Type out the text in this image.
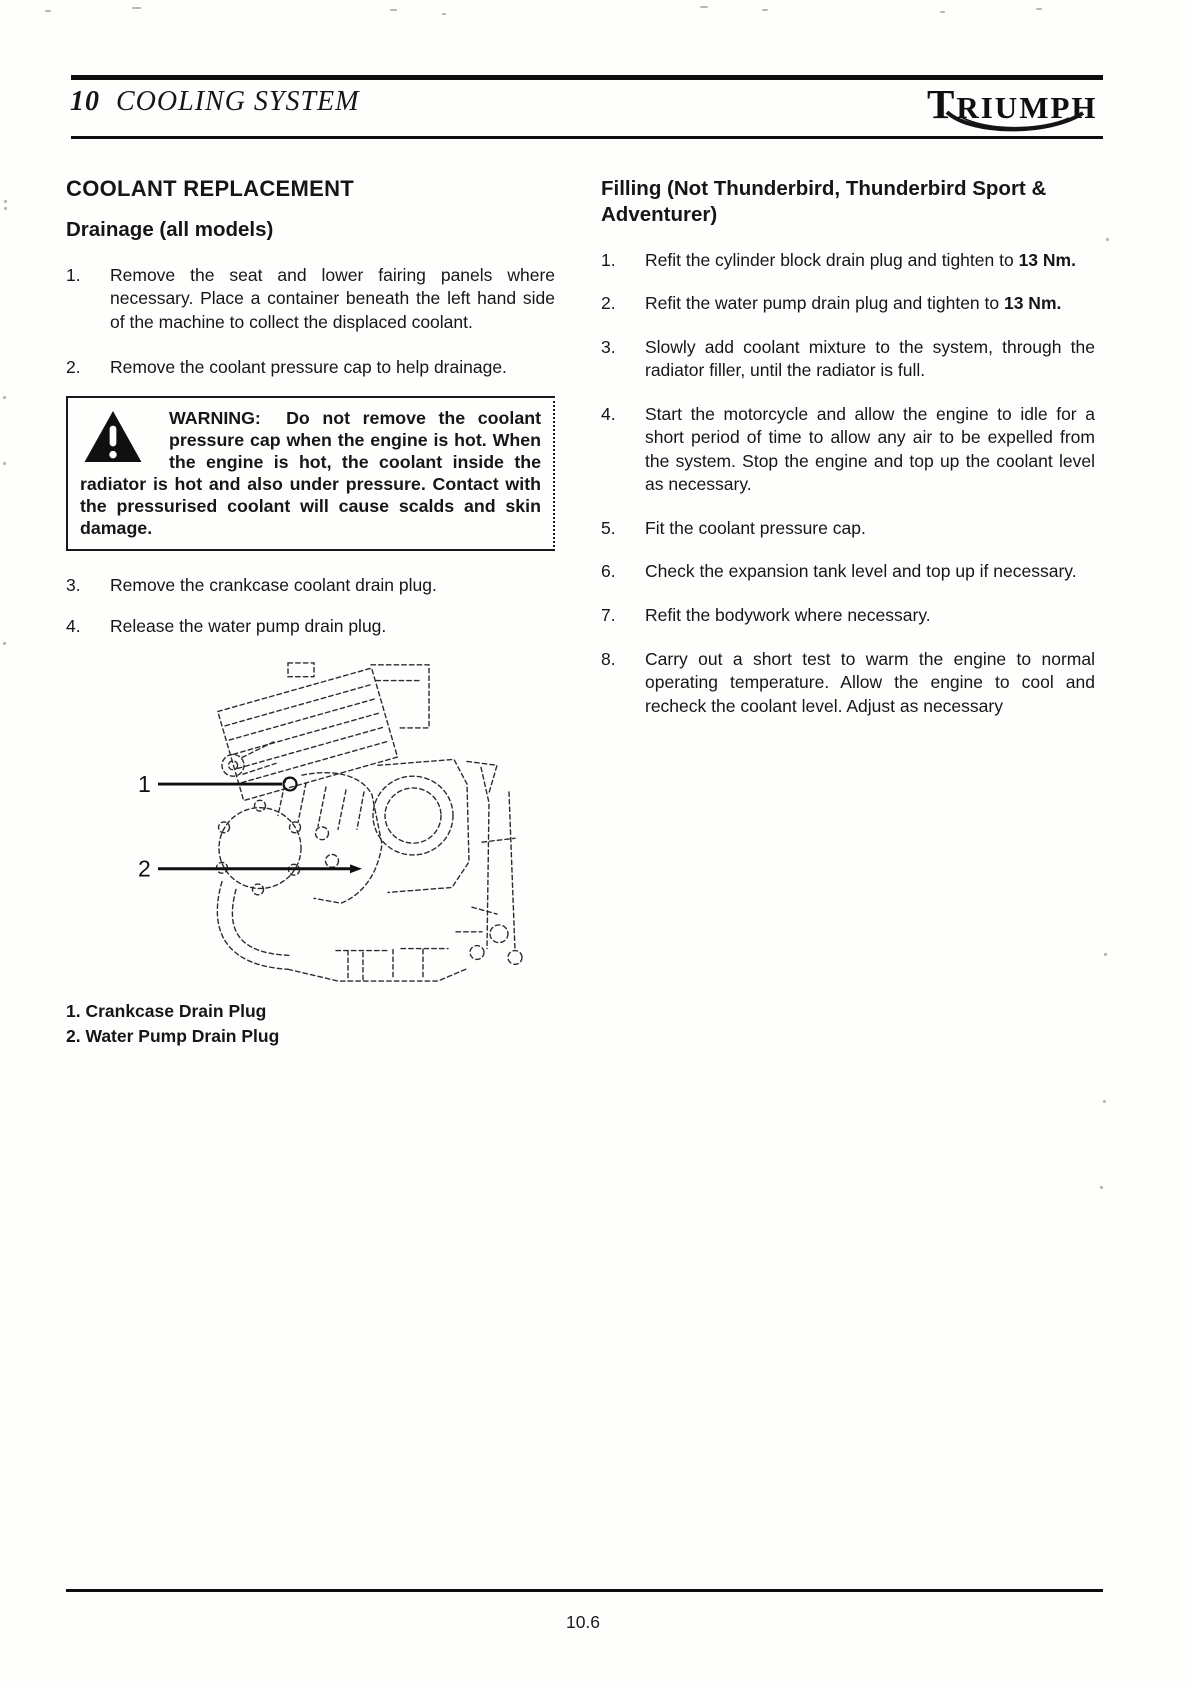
10 COOLING SYSTEM	TRIUMPH
COOLANT REPLACEMENT
Drainage (all models)
1.	Remove the seat and lower fairing panels where necessary. Place a container beneath the left hand side of the machine to collect the displaced coolant.
2.	Remove the coolant pressure cap to help drainage.
WARNING: Do not remove the coolant pressure cap when the engine is hot. When the engine is hot, the coolant inside the radiator is hot and also under pressure. Contact with the pressurised coolant will cause scalds and skin damage.
3.	Remove the crankcase coolant drain plug.
4.	Release the water pump drain plug.
1
2
1. Crankcase Drain Plug
2. Water Pump Drain Plug
Filling (Not Thunderbird, Thunderbird Sport & Adventurer)
1.	Refit the cylinder block drain plug and tighten to 13 Nm.
2.	Refit the water pump drain plug and tighten to 13 Nm.
3.	Slowly add coolant mixture to the system, through the radiator filler, until the radiator is full.
4.	Start the motorcycle and allow the engine to idle for a short period of time to allow any air to be expelled from the system. Stop the engine and top up the coolant level as necessary.
5.	Fit the coolant pressure cap.
6.	Check the expansion tank level and top up if necessary.
7.	Refit the bodywork where necessary.
8.	Carry out a short test to warm the engine to normal operating temperature. Allow the engine to cool and recheck the coolant level. Adjust as necessary
10.6
